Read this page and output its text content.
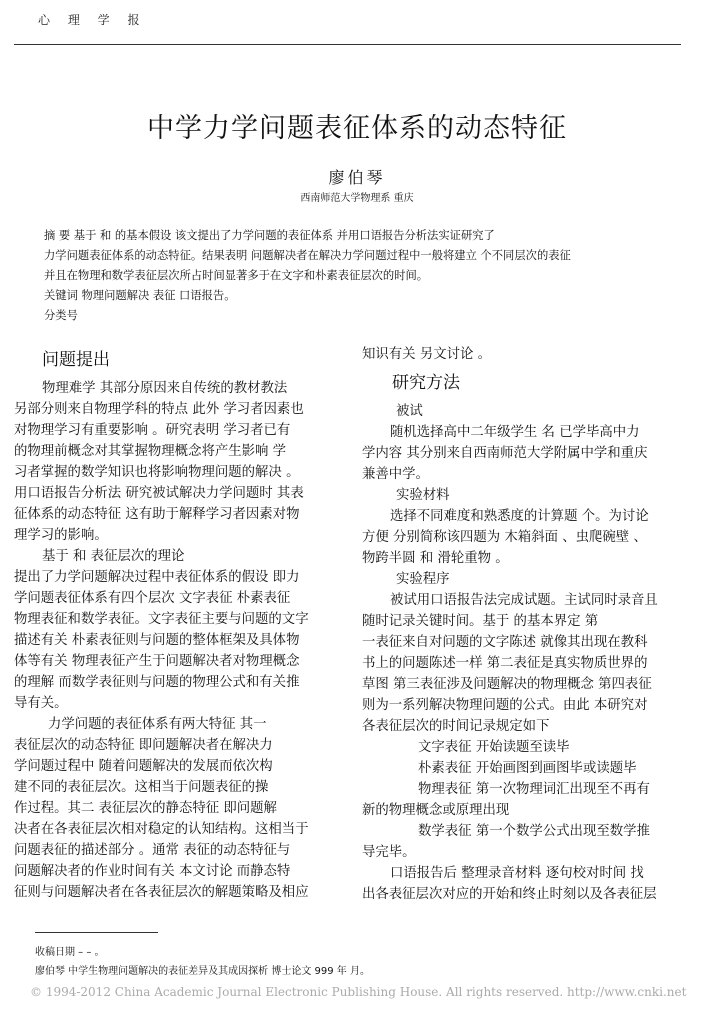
心 理 学 报
中学力学问题表征体系的动态特征
廖伯琴
西南师范大学物理系 重庆
摘 要 基于 和 的基本假设 该文提出了力学问题的表征体系 并用口语报告分析法实证研究了
力学问题表征体系的动态特征。结果表明 问题解决者在解决力学问题过程中一般将建立 个不同层次的表征
并且在物理和数学表征层次所占时间显著多于在文字和朴素表征层次的时间。
关键词 物理问题解决 表征 口语报告。
分类号
问题提出
物理难学 其部分原因来自传统的教材教法
另部分则来自物理学科的特点 此外 学习者因素也
对物理学习有重要影响 。研究表明 学习者已有
的物理前概念对其掌握物理概念将产生影响 学
习者掌握的数学知识也将影响物理问题的解决 。
用口语报告分析法 研究被试解决力学问题时 其表
征体系的动态特征 这有助于解释学习者因素对物
理学习的影响。
基于 和 表征层次的理论
提出了力学问题解决过程中表征体系的假设 即力
学问题表征体系有四个层次 文字表征 朴素表征
物理表征和数学表征。文字表征主要与问题的文字
描述有关 朴素表征则与问题的整体框架及具体物
体等有关 物理表征产生于问题解决者对物理概念
的理解 而数学表征则与问题的物理公式和有关推
导有关。
力学问题的表征体系有两大特征 其一
表征层次的动态特征 即问题解决者在解决力
学问题过程中 随着问题解决的发展而依次构
建不同的表征层次。这相当于问题表征的操
作过程。其二 表征层次的静态特征 即问题解
决者在各表征层次相对稳定的认知结构。这相当于
问题表征的描述部分 。通常 表征的动态特征与
问题解决者的作业时间有关 本文讨论 而静态特
征则与问题解决者在各表征层次的解题策略及相应
知识有关 另文讨论 。
研究方法
被试
随机选择高中二年级学生 名 已学毕高中力
学内容 其分别来自西南师范大学附属中学和重庆
兼善中学。
实验材料
选择不同难度和熟悉度的计算题 个。为讨论
方便 分别简称该四题为 木箱斜面 、虫爬碗壁 、
物跨半圆 和 滑轮重物 。
实验程序
被试用口语报告法完成试题。主试同时录音且
随时记录关键时间。基于 的基本界定 第
一表征来自对问题的文字陈述 就像其出现在教科
书上的问题陈述一样 第二表征是真实物质世界的
草图 第三表征涉及问题解决的物理概念 第四表征
则为一系列解决物理问题的公式。由此 本研究对
各表征层次的时间记录规定如下
文字表征 开始读题至读毕
朴素表征 开始画图到画图毕或读题毕
物理表征 第一次物理词汇出现至不再有
新的物理概念或原理出现
数学表征 第一个数学公式出现至数学推
导完毕。
口语报告后 整理录音材料 逐句校对时间 找
出各表征层次对应的开始和终止时刻以及各表征层
收稿日期 – – 。
廖伯琴 中学生物理问题解决的表征差异及其成因探析 博士论文 999 年 月。
© 1994-2012 China Academic Journal Electronic Publishing House. All rights reserved. http://www.cnki.net
